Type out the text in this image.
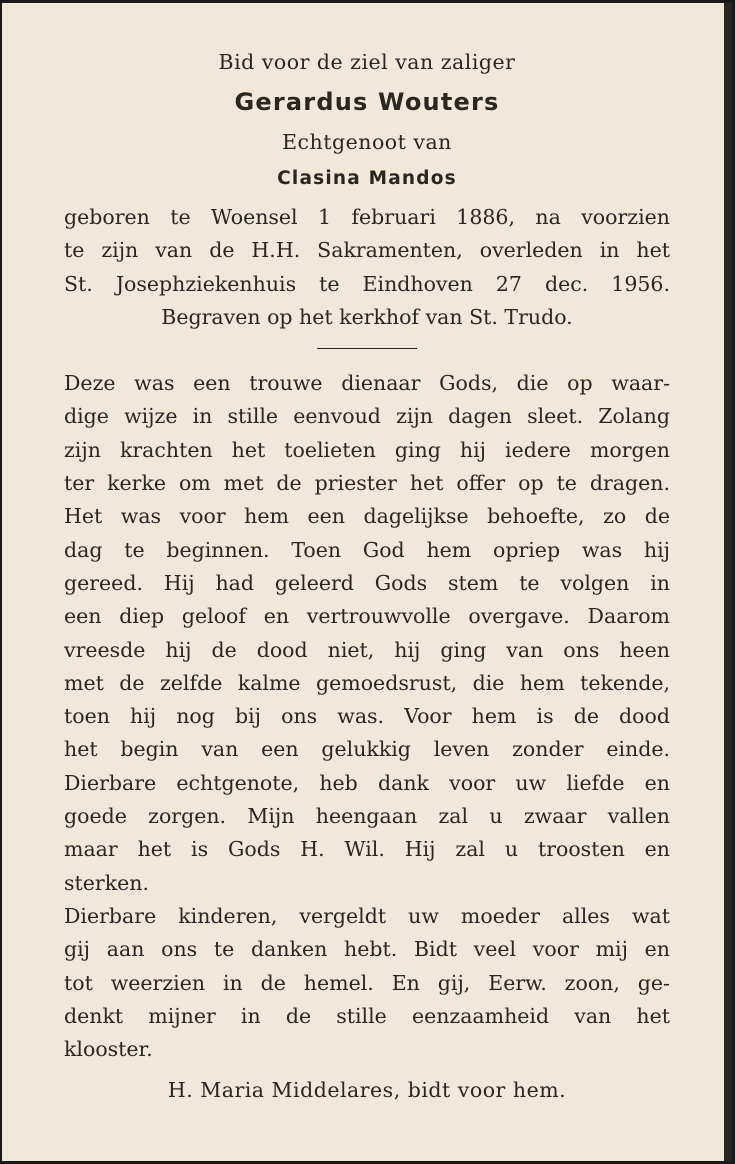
Bid voor de ziel van zaliger
Gerardus Wouters
Echtgenoot van
Clasina Mandos
geboren te Woensel 1 februari 1886, na voorzien
te zijn van de H.H. Sakramenten, overleden in het
St. Josephziekenhuis te Eindhoven 27 dec. 1956.
Begraven op het kerkhof van St. Trudo.
Deze was een trouwe dienaar Gods, die op waar-
dige wijze in stille eenvoud zijn dagen sleet. Zolang
zijn krachten het toelieten ging hij iedere morgen
ter kerke om met de priester het offer op te dragen.
Het was voor hem een dagelijkse behoefte, zo de
dag te beginnen. Toen God hem opriep was hij
gereed. Hij had geleerd Gods stem te volgen in
een diep geloof en vertrouwvolle overgave. Daarom
vreesde hij de dood niet, hij ging van ons heen
met de zelfde kalme gemoedsrust, die hem tekende,
toen hij nog bij ons was. Voor hem is de dood
het begin van een gelukkig leven zonder einde.
Dierbare echtgenote, heb dank voor uw liefde en
goede zorgen. Mijn heengaan zal u zwaar vallen
maar het is Gods H. Wil. Hij zal u troosten en
sterken.
Dierbare kinderen, vergeldt uw moeder alles wat
gij aan ons te danken hebt. Bidt veel voor mij en
tot weerzien in de hemel. En gij, Eerw. zoon, ge-
denkt mijner in de stille eenzaamheid van het
klooster.
H. Maria Middelares, bidt voor hem.
